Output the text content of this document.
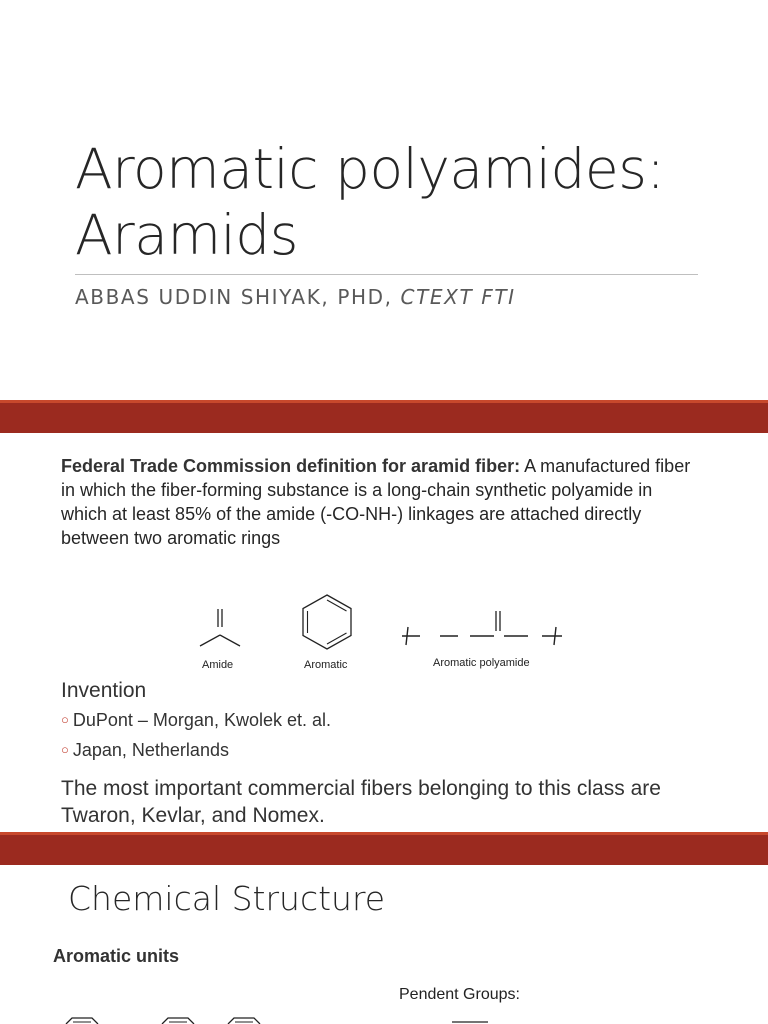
Aromatic polyamides:
Aramids
ABBAS UDDIN SHIYAK, PHD, CTEXT FTI
Federal Trade Commission definition for aramid fiber: A manufactured fiber in which the fiber-forming substance is a long-chain synthetic polyamide in which at least 85% of the amide (-CO-NH-) linkages are attached directly between two aromatic rings
Amide	Aromatic	Aromatic polyamide
Invention
○ DuPont – Morgan, Kwolek et. al.
○ Japan, Netherlands
The most important commercial fibers belonging to this class are Twaron, Kevlar, and Nomex.
Chemical Structure
Aromatic units
Pendent Groups:
